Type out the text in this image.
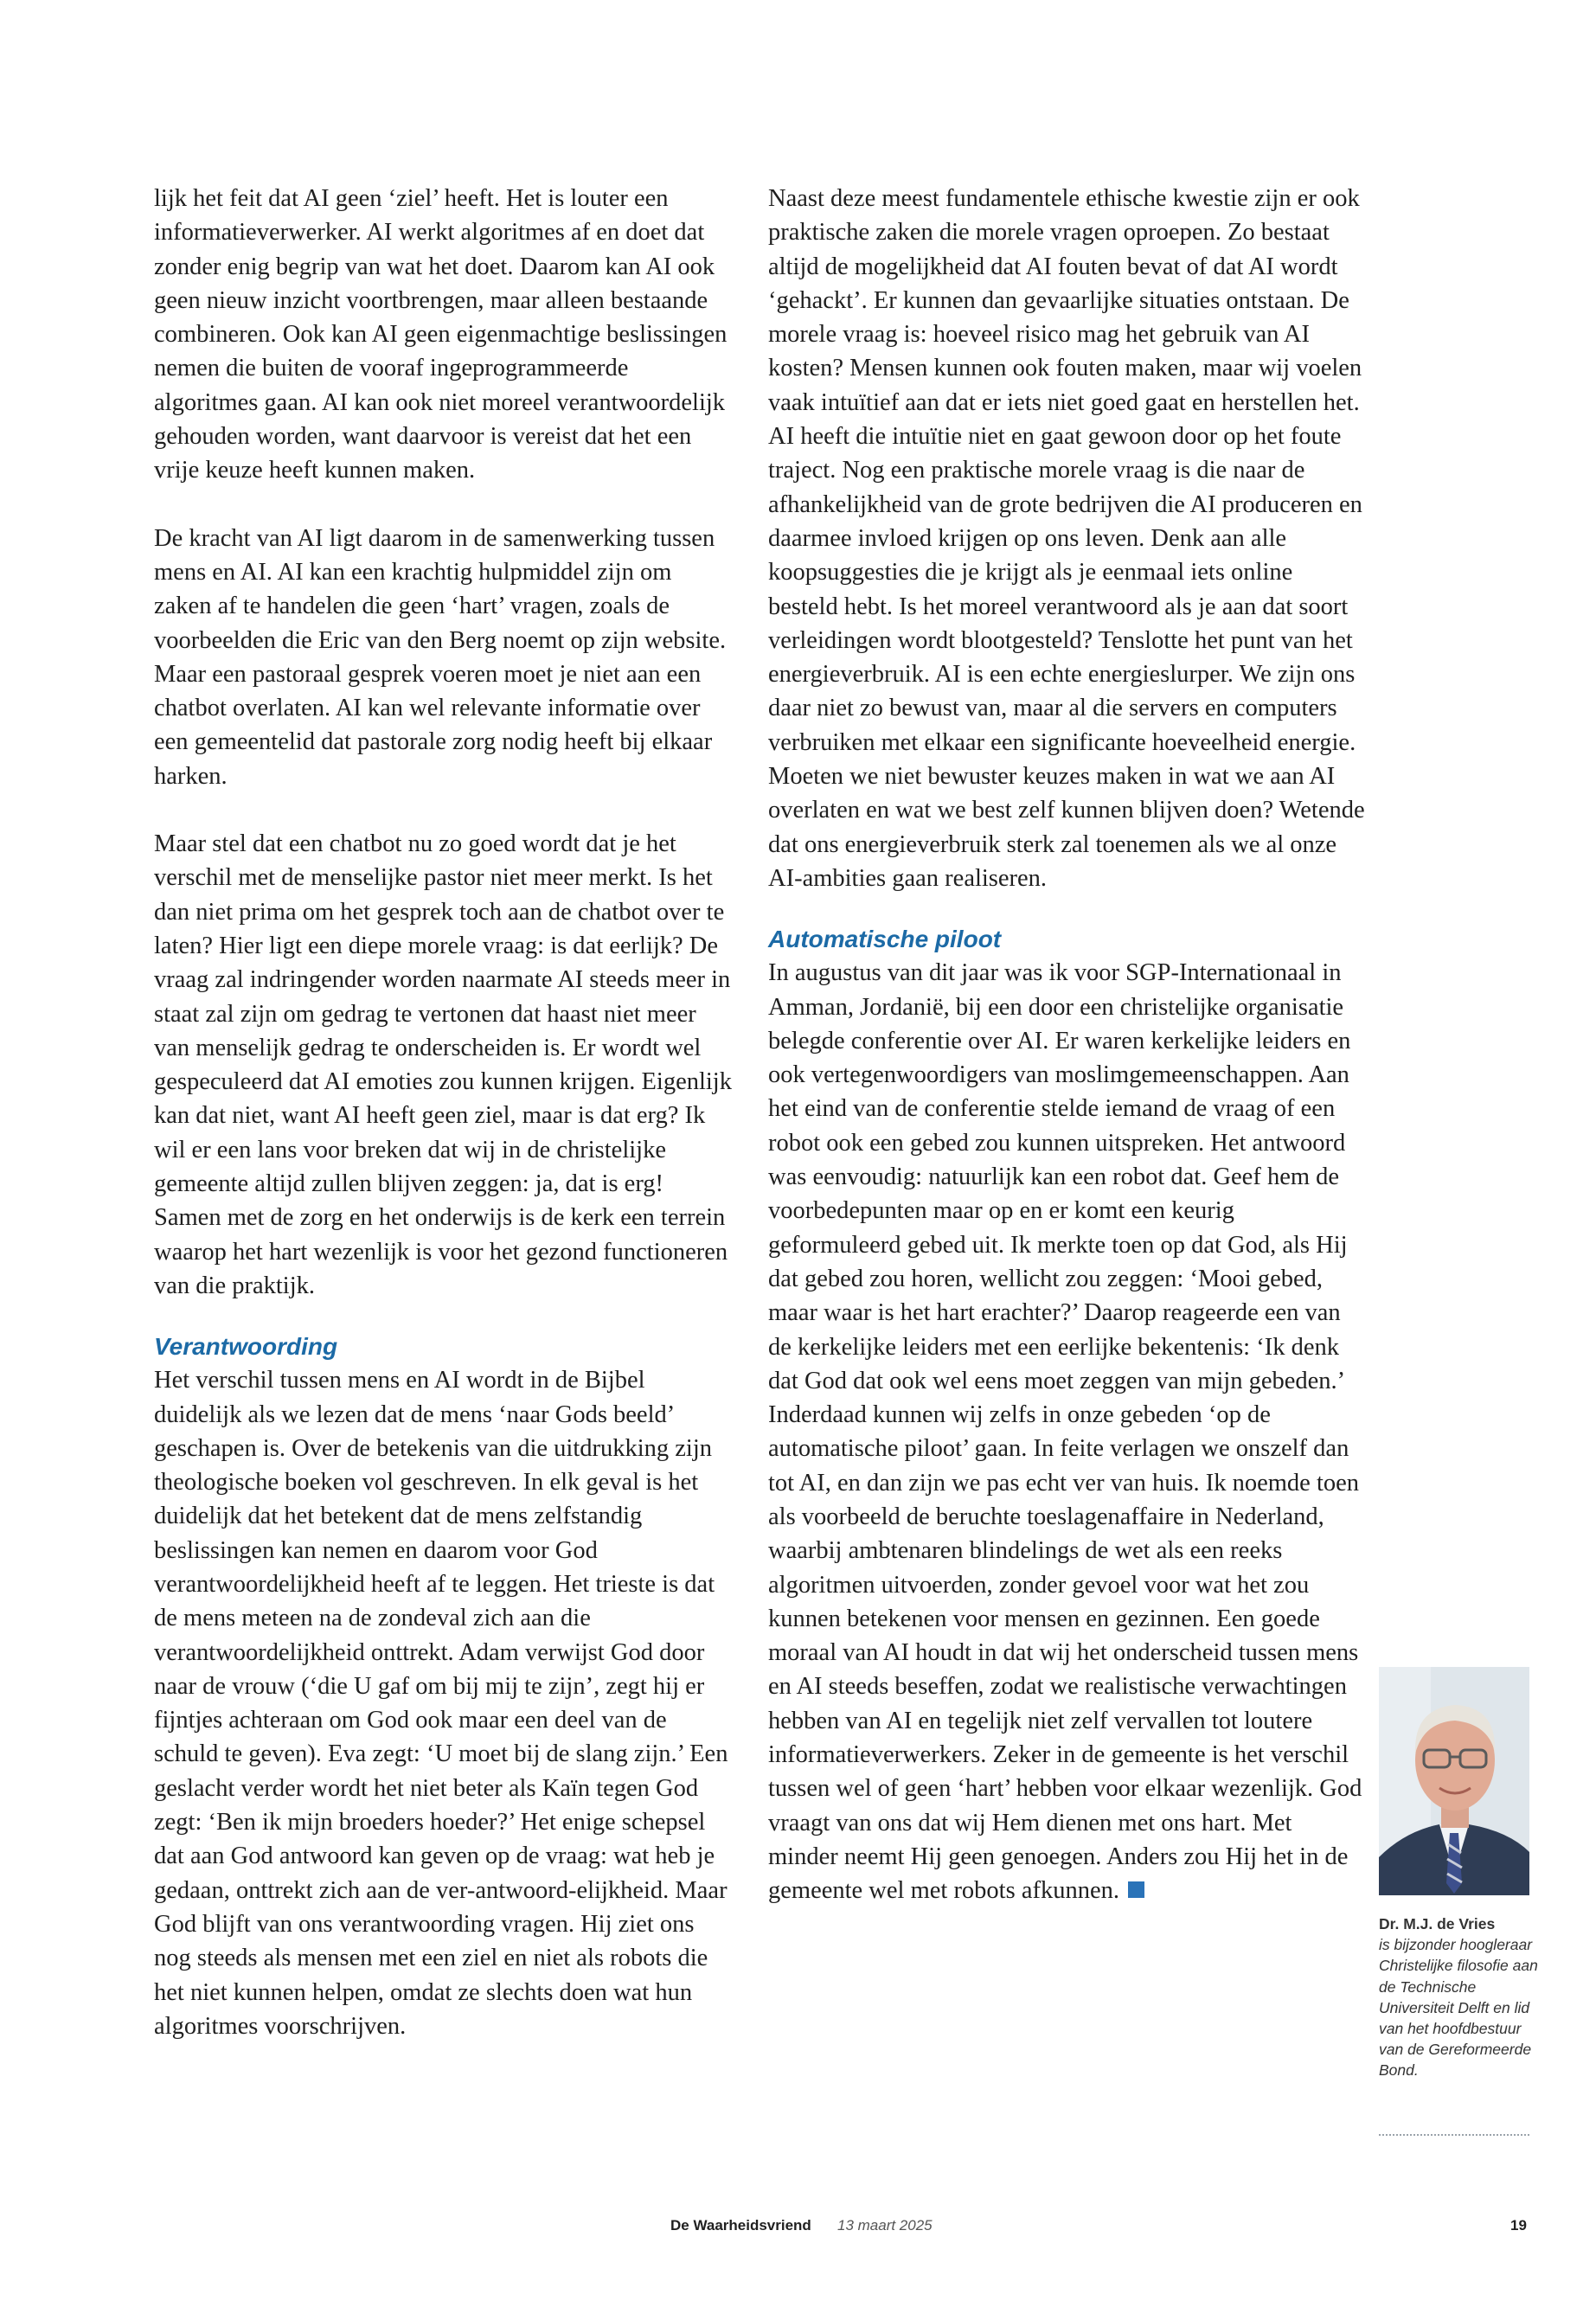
lijk het feit dat AI geen ‘ziel’ heeft. Het is louter een informatieverwerker. AI werkt algoritmes af en doet dat zonder enig begrip van wat het doet. Daarom kan AI ook geen nieuw inzicht voortbrengen, maar alleen bestaande combineren. Ook kan AI geen eigenmachtige beslissingen nemen die buiten de vooraf ingeprogrammeerde algoritmes gaan. AI kan ook niet moreel verantwoordelijk gehouden worden, want daarvoor is vereist dat het een vrije keuze heeft kunnen maken.

De kracht van AI ligt daarom in de samenwerking tussen mens en AI. AI kan een krachtig hulpmiddel zijn om zaken af te handelen die geen ‘hart’ vragen, zoals de voorbeelden die Eric van den Berg noemt op zijn website. Maar een pastoraal gesprek voeren moet je niet aan een chatbot overlaten. AI kan wel relevante informatie over een gemeentelid dat pastorale zorg nodig heeft bij elkaar harken.

Maar stel dat een chatbot nu zo goed wordt dat je het verschil met de menselijke pastor niet meer merkt. Is het dan niet prima om het gesprek toch aan de chatbot over te laten? Hier ligt een diepe morele vraag: is dat eerlijk? De vraag zal indringender worden naarmate AI steeds meer in staat zal zijn om gedrag te vertonen dat haast niet meer van menselijk gedrag te onderscheiden is. Er wordt wel gespeculeerd dat AI emoties zou kunnen krijgen. Eigenlijk kan dat niet, want AI heeft geen ziel, maar is dat erg? Ik wil er een lans voor breken dat wij in de christelijke gemeente altijd zullen blijven zeggen: ja, dat is erg! Samen met de zorg en het onderwijs is de kerk een terrein waarop het hart wezenlijk is voor het gezond functioneren van die praktijk.

Verantwoording

Het verschil tussen mens en AI wordt in de Bijbel duidelijk als we lezen dat de mens ‘naar Gods beeld’ geschapen is. Over de betekenis van die uitdrukking zijn theologische boeken vol geschreven. In elk geval is het duidelijk dat het betekent dat de mens zelfstandig beslissingen kan nemen en daarom voor God verantwoordelijkheid heeft af te leggen. Het trieste is dat de mens meteen na de zondeval zich aan die verantwoordelijkheid onttrekt. Adam verwijst God door naar de vrouw (‘die U gaf om bij mij te zijn’, zegt hij er fijntjes achteraan om God ook maar een deel van de schuld te geven). Eva zegt: ‘U moet bij de slang zijn.’ Een geslacht verder wordt het niet beter als Kaïn tegen God zegt: ‘Ben ik mijn broeders hoeder?’ Het enige schepsel dat aan God antwoord kan geven op de vraag: wat heb je gedaan, onttrekt zich aan de ver-antwoord-elijkheid. Maar God blijft van ons verantwoording vragen. Hij ziet ons nog steeds als mensen met een ziel en niet als robots die het niet kunnen helpen, omdat ze slechts doen wat hun algoritmes voorschrijven.

Naast deze meest fundamentele ethische kwestie zijn er ook praktische zaken die morele vragen oproepen. Zo bestaat altijd de mogelijkheid dat AI fouten bevat of dat AI wordt ‘gehackt’. Er kunnen dan gevaarlijke situaties ontstaan. De morele vraag is: hoeveel risico mag het gebruik van AI kosten? Mensen kunnen ook fouten maken, maar wij voelen vaak intuïtief aan dat er iets niet goed gaat en herstellen het. AI heeft die intuïtie niet en gaat gewoon door op het foute traject. Nog een praktische morele vraag is die naar de afhankelijkheid van de grote bedrijven die AI produceren en daarmee invloed krijgen op ons leven. Denk aan alle koopsuggesties die je krijgt als je eenmaal iets online besteld hebt. Is het moreel verantwoord als je aan dat soort verleidingen wordt blootgesteld? Tenslotte het punt van het energieverbruik. AI is een echte energieslurper. We zijn ons daar niet zo bewust van, maar al die servers en computers verbruiken met elkaar een significante hoeveelheid energie. Moeten we niet bewuster keuzes maken in wat we aan AI overlaten en wat we best zelf kunnen blijven doen? Wetende dat ons energieverbruik sterk zal toenemen als we al onze AI-ambities gaan realiseren.

Automatische piloot

In augustus van dit jaar was ik voor SGP-Internationaal in Amman, Jordanië, bij een door een christelijke organisatie belegde conferentie over AI. Er waren kerkelijke leiders en ook vertegenwoordigers van moslimgemeenschappen. Aan het eind van de conferentie stelde iemand de vraag of een robot ook een gebed zou kunnen uitspreken. Het antwoord was eenvoudig: natuurlijk kan een robot dat. Geef hem de voorbedepunten maar op en er komt een keurig geformuleerd gebed uit. Ik merkte toen op dat God, als Hij dat gebed zou horen, wellicht zou zeggen: ‘Mooi gebed, maar waar is het hart erachter?’ Daarop reageerde een van de kerkelijke leiders met een eerlijke bekentenis: ‘Ik denk dat God dat ook wel eens moet zeggen van mijn gebeden.’ Inderdaad kunnen wij zelfs in onze gebeden ‘op de automatische piloot’ gaan. In feite verlagen we onszelf dan tot AI, en dan zijn we pas echt ver van huis. Ik noemde toen als voorbeeld de beruchte toeslagenaffaire in Nederland, waarbij ambtenaren blindelings de wet als een reeks algoritmen uitvoerden, zonder gevoel voor wat het zou kunnen betekenen voor mensen en gezinnen. Een goede moraal van AI houdt in dat wij het onderscheid tussen mens en AI steeds beseffen, zodat we realistische verwachtingen hebben van AI en tegelijk niet zelf vervallen tot loutere informatieverwerkers. Zeker in de gemeente is het verschil tussen wel of geen ‘hart’ hebben voor elkaar wezenlijk. God vraagt van ons dat wij Hem dienen met ons hart. Met minder neemt Hij geen genoegen. Anders zou Hij het in de gemeente wel met robots afkunnen.

Dr. M.J. de Vries
is bijzonder hoogleraar Christelijke filosofie aan de Technische Universiteit Delft en lid van het hoofdbestuur van de Gereformeerde Bond.
De Waarheidsvriend 13 maart 2025	19
